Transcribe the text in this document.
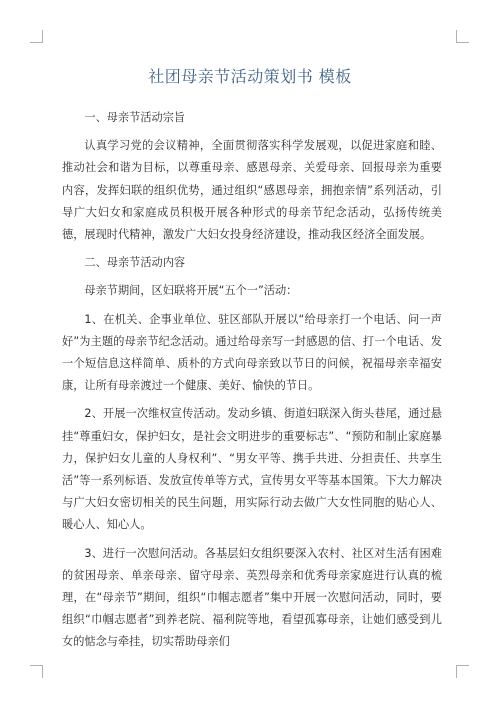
社团母亲节活动策划书 模板

一、母亲节活动宗旨

认真学习党的会议精神，全面贯彻落实科学发展观，以促进家庭和睦、推动社会和谐为目标，以尊重母亲、感恩母亲、关爱母亲、回报母亲为重要内容，发挥妇联的组织优势，通过组织“感恩母亲，拥抱亲情”系列活动，引导广大妇女和家庭成员积极开展各种形式的母亲节纪念活动，弘扬传统美德，展现时代精神，激发广大妇女投身经济建设，推动我区经济全面发展。

二、母亲节活动内容

母亲节期间，区妇联将开展“五个一”活动：

1、在机关、企事业单位、驻区部队开展以“给母亲打一个电话、问一声好”为主题的母亲节纪念活动。通过给母亲写一封感恩的信、打一个电话、发一个短信息这样简单、质朴的方式向母亲致以节日的问候，祝福母亲幸福安康，让所有母亲渡过一个健康、美好、愉快的节日。

2、开展一次维权宣传活动。发动乡镇、街道妇联深入街头巷尾，通过悬挂“尊重妇女，保护妇女，是社会文明进步的重要标志”、“预防和制止家庭暴力，保护妇女儿童的人身权利”、“男女平等、携手共进、分担责任、共享生活”等一系列标语、发放宣传单等方式，宣传男女平等基本国策。下大力解决与广大妇女密切相关的民生问题，用实际行动去做广大女性同胞的贴心人、暖心人、知心人。

3、进行一次慰问活动。各基层妇女组织要深入农村、社区对生活有困难的贫困母亲、单亲母亲、留守母亲、英烈母亲和优秀母亲家庭进行认真的梳理，在“母亲节”期间，组织“巾帼志愿者”集中开展一次慰问活动，同时，要组织“巾帼志愿者”到养老院、福利院等地，看望孤寡母亲，让她们感受到儿女的惦念与牵挂，切实帮助母亲们
